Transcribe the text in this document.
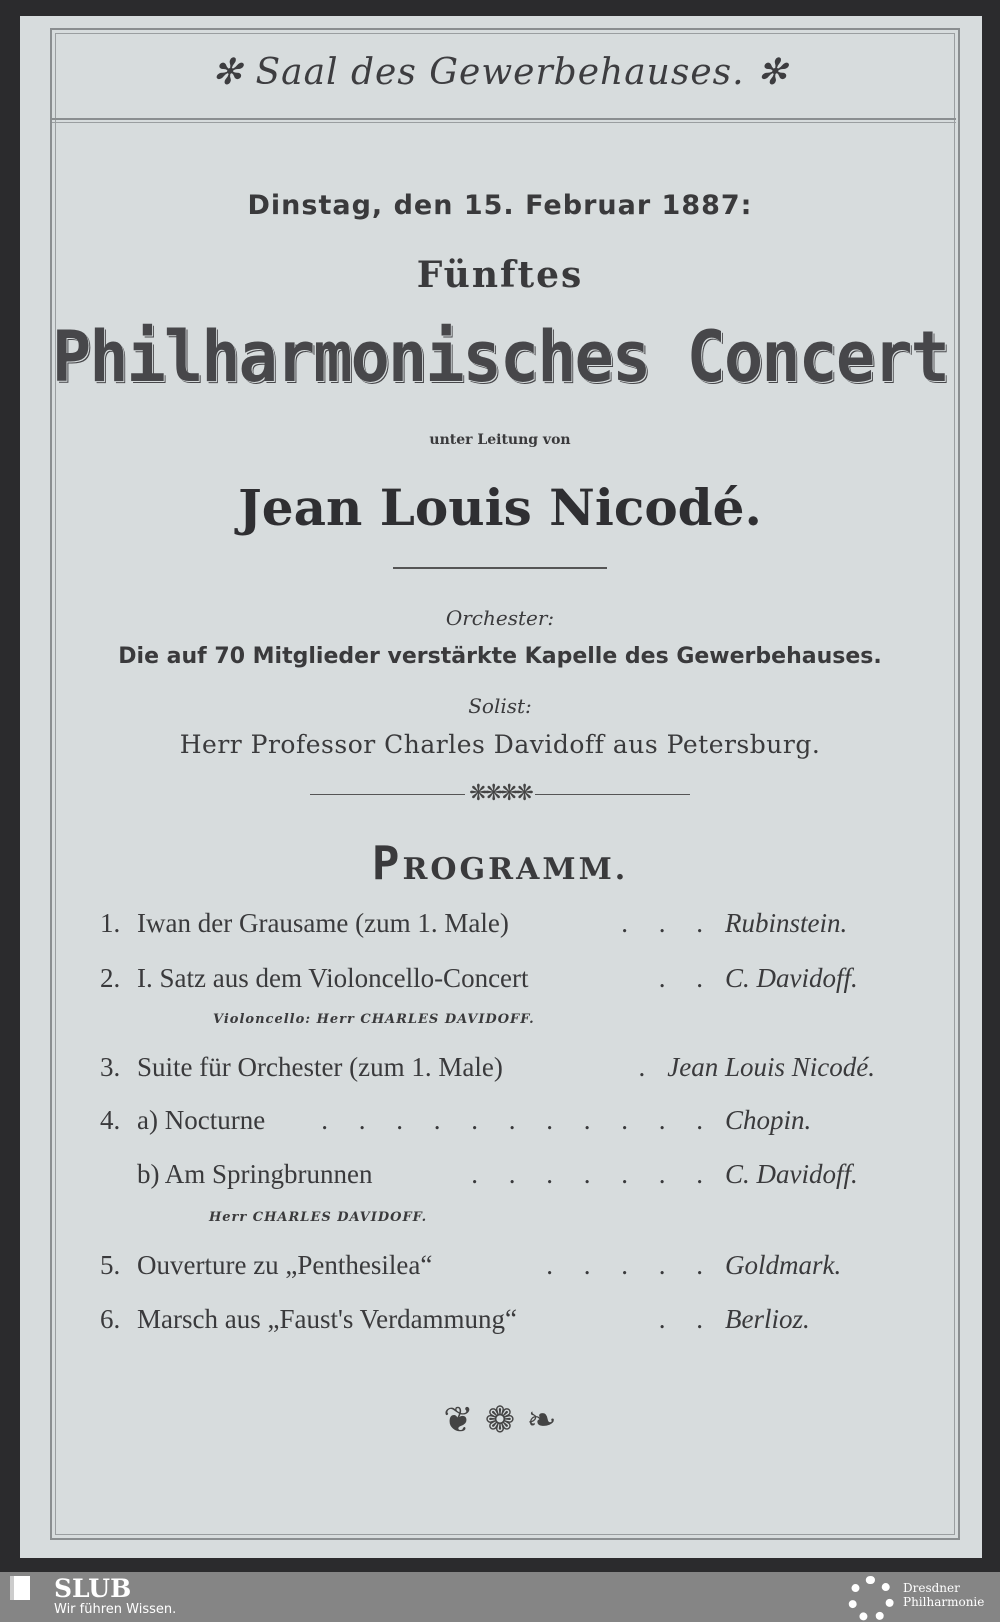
✻ Saal des Gewerbehauses. ✻
Dinstag, den 15. Februar 1887:
Fünftes
Philharmonisches Concert
unter Leitung von
Jean Louis Nicodé.
Orchester:
Die auf 70 Mitglieder verstärkte Kapelle des Gewerbehauses.
Solist:
Herr Professor Charles Davidoff aus Petersburg.
❋❋❋❋
PROGRAMM.
1. Iwan der Grausame (zum 1. Male)	. . . Rubinstein.
2. I. Satz aus dem Violoncello-Concert	. . C. Davidoff.
Violoncello: Herr CHARLES DAVIDOFF.
3. Suite für Orchester (zum 1. Male)	. Jean Louis Nicodé.
4. a) Nocturne	. . . . . . . . . . . Chopin.
b) Am Springbrunnen	. . . . . . . C. Davidoff.
Herr CHARLES DAVIDOFF.
5. Ouverture zu „Penthesilea“	. . . . . Goldmark.
6. Marsch aus „Faust's Verdammung“	. . Berlioz.
❦ ❁ ❧
SLUB
Wir führen Wissen.
Dresdner
Philharmonie
